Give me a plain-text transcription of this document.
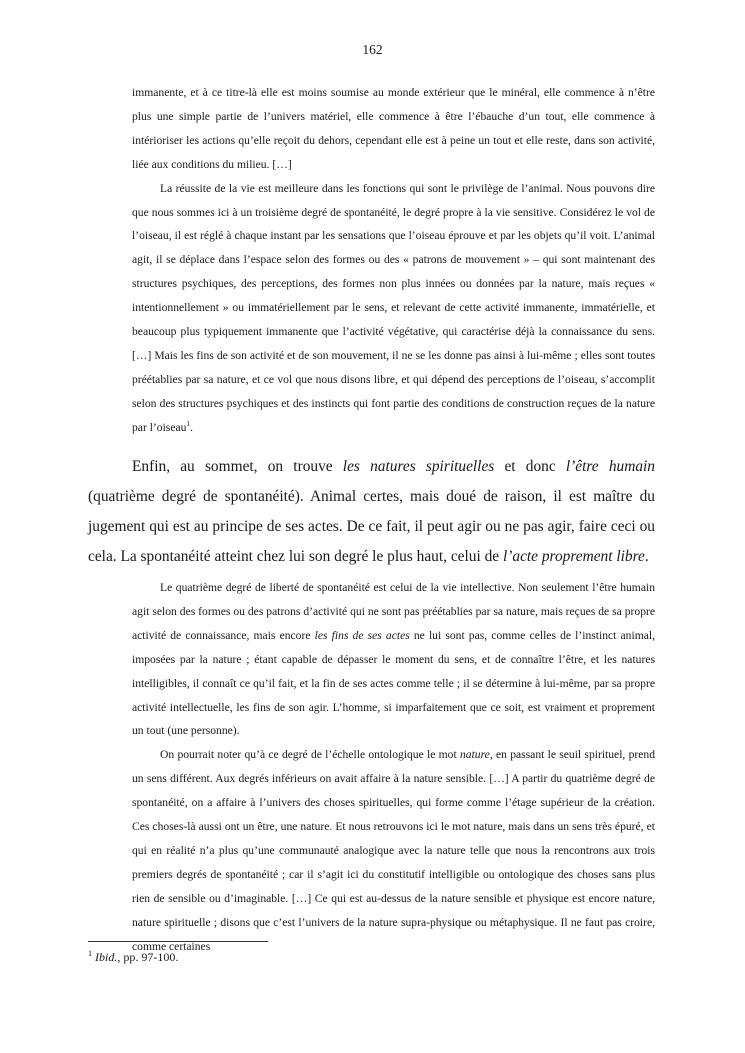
162

immanente, et à ce titre-là elle est moins soumise au monde extérieur que le minéral, elle commence à n’être plus une simple partie de l’univers matériel, elle commence à être l’ébauche d’un tout, elle commence à intérioriser les actions qu’elle reçoit du dehors, cependant elle est à peine un tout et elle reste, dans son activité, liée aux conditions du milieu. […]

La réussite de la vie est meilleure dans les fonctions qui sont le privilège de l’animal. Nous pouvons dire que nous sommes ici à un troisième degré de spontanéité, le degré propre à la vie sensitive. Considérez le vol de l’oiseau, il est réglé à chaque instant par les sensations que l’oiseau éprouve et par les objets qu’il voit. L’animal agit, il se déplace dans l’espace selon des formes ou des « patrons de mouvement » – qui sont maintenant des structures psychiques, des perceptions, des formes non plus innées ou données par la nature, mais reçues « intentionnellement » ou immatériellement par le sens, et relevant de cette activité immanente, immatérielle, et beaucoup plus typiquement immanente que l’activité végétative, qui caractérise déjà la connaissance du sens. […] Mais les fins de son activité et de son mouvement, il ne se les donne pas ainsi à lui-même ; elles sont toutes préétablies par sa nature, et ce vol que nous disons libre, et qui dépend des perceptions de l’oiseau, s’accomplit selon des structures psychiques et des instincts qui font partie des conditions de construction reçues de la nature par l’oiseau$^1$.

Enfin, au sommet, on trouve les natures spirituelles et donc l’être humain (quatrième degré de spontanéité). Animal certes, mais doué de raison, il est maître du jugement qui est au principe de ses actes. De ce fait, il peut agir ou ne pas agir, faire ceci ou cela. La spontanéité atteint chez lui son degré le plus haut, celui de l’acte proprement libre.

Le quatrième degré de liberté de spontanéité est celui de la vie intellective. Non seulement l’être humain agit selon des formes ou des patrons d’activité qui ne sont pas préétablies par sa nature, mais reçues de sa propre activité de connaissance, mais encore les fins de ses actes ne lui sont pas, comme celles de l’instinct animal, imposées par la nature ; étant capable de dépasser le moment du sens, et de connaître l’être, et les natures intelligibles, il connaît ce qu’il fait, et la fin de ses actes comme telle ; il se détermine à lui-même, par sa propre activité intellectuelle, les fins de son agir. L’homme, si imparfaitement que ce soit, est vraiment et proprement un tout (une personne).

On pourrait noter qu’à ce degré de l’échelle ontologique le mot nature, en passant le seuil spirituel, prend un sens différent. Aux degrés inférieurs on avait affaire à la nature sensible. […] A partir du quatrième degré de spontanéité, on a affaire à l’univers des choses spirituelles, qui forme comme l’étage supérieur de la création. Ces choses-là aussi ont un être, une nature. Et nous retrouvons ici le mot nature, mais dans un sens très épuré, et qui en réalité n’a plus qu’une communauté analogique avec la nature telle que nous la rencontrons aux trois premiers degrés de spontanéité ; car il s’agit ici du constitutif intelligible ou ontologique des choses sans plus rien de sensible ou d’imaginable. […] Ce qui est au-dessus de la nature sensible et physique est encore nature, nature spirituelle ; disons que c’est l’univers de la nature supra-physique ou métaphysique. Il ne faut pas croire, comme certaines

$^1$ Ibid., pp. 97-100.
